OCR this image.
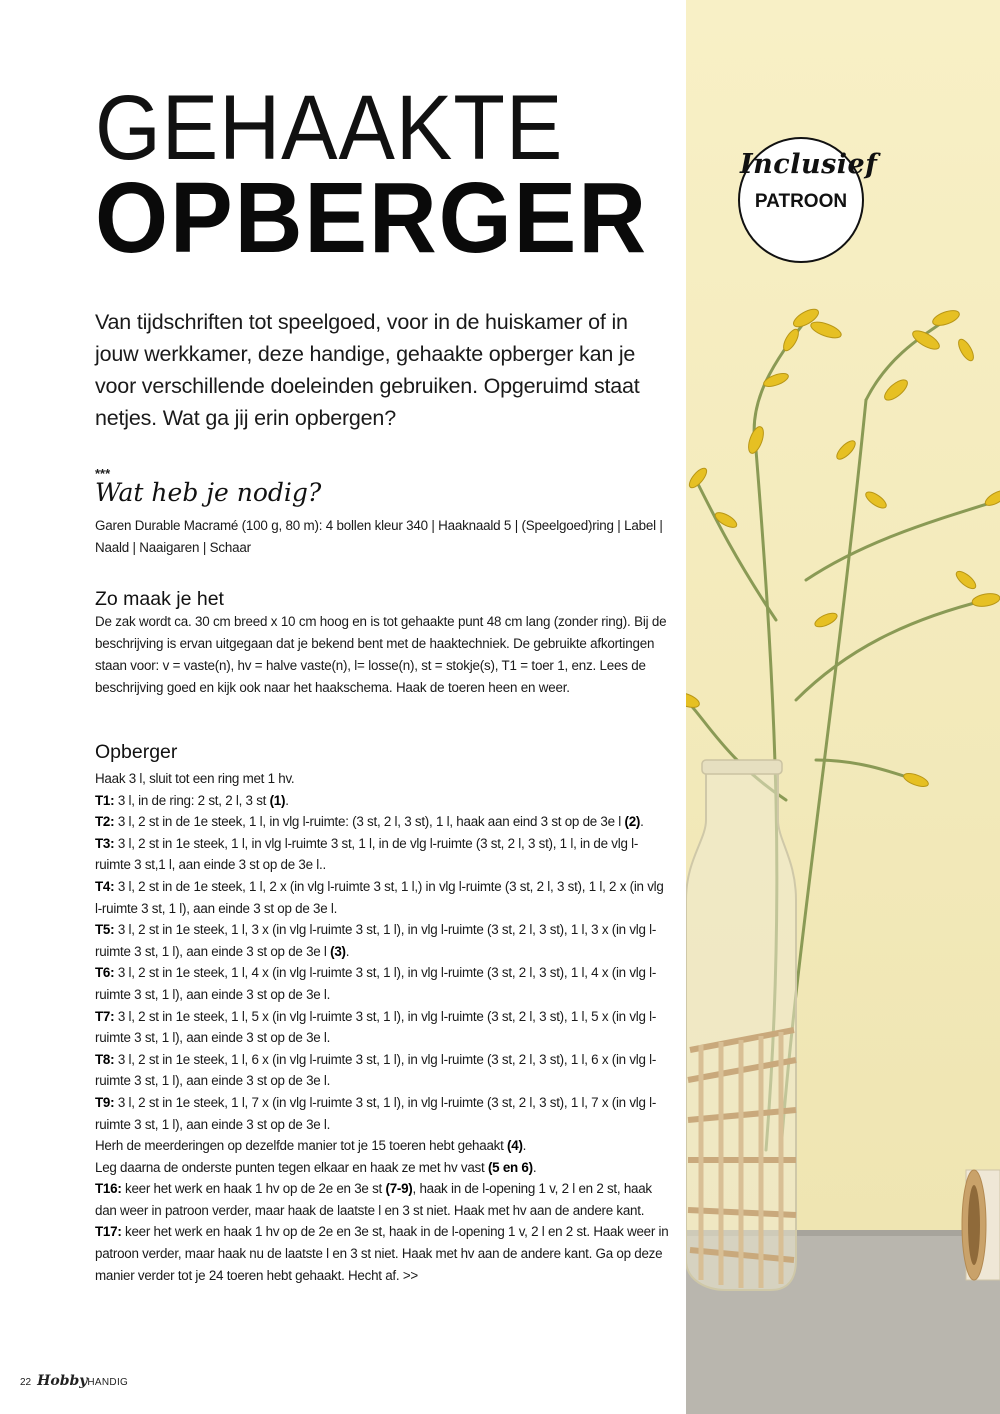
GEHAAKTE
OPBERGER	Inclusief
PATROON
Van tijdschriften tot speelgoed, voor in de huiskamer of in jouw werkkamer, deze handige, gehaakte opberger kan je voor verschillende doeleinden gebruiken. Opgeruimd staat netjes. Wat ga jij erin opbergen?
***
Wat heb je nodig?
Garen Durable Macramé (100 g, 80 m): 4 bollen kleur 340 | Haaknaald 5 | (Speelgoed)ring | Label | Naald | Naaigaren | Schaar
Zo maak je het
De zak wordt ca. 30 cm breed x 10 cm hoog en is tot gehaakte punt 48 cm lang (zonder ring). Bij de beschrijving is ervan uitgegaan dat je bekend bent met de haaktechniek. De gebruikte afkortingen staan voor: v = vaste(n), hv = halve vaste(n), l= losse(n), st = stokje(s), T1 = toer 1, enz. Lees de beschrijving goed en kijk ook naar het haakschema. Haak de toeren heen en weer.
Opberger

Haak 3 l, sluit tot een ring met 1 hv.

T1: 3 l, in de ring: 2 st, 2 l, 3 st (1).

T2: 3 l, 2 st in de 1e steek, 1 l, in vlg l-ruimte: (3 st, 2 l, 3 st), 1 l, haak aan eind 3 st op de 3e l (2).

T3: 3 l, 2 st in 1e steek, 1 l, in vlg l-ruimte 3 st, 1 l, in de vlg l-ruimte (3 st, 2 l, 3 st), 1 l, in de vlg l-ruimte 3 st,1 l, aan einde 3 st op de 3e l..

T4: 3 l, 2 st in de 1e steek, 1 l, 2 x (in vlg l-ruimte 3 st, 1 l,) in vlg l-ruimte (3 st, 2 l, 3 st), 1 l, 2 x (in vlg l-ruimte 3 st, 1 l), aan einde 3 st op de 3e l.

T5: 3 l, 2 st in 1e steek, 1 l, 3 x (in vlg l-ruimte 3 st, 1 l), in vlg l-ruimte (3 st, 2 l, 3 st), 1 l, 3 x (in vlg l-ruimte 3 st, 1 l), aan einde 3 st op de 3e l (3).

T6: 3 l, 2 st in 1e steek, 1 l, 4 x (in vlg l-ruimte 3 st, 1 l), in vlg l-ruimte (3 st, 2 l, 3 st), 1 l, 4 x (in vlg l-ruimte 3 st, 1 l), aan einde 3 st op de 3e l.

T7: 3 l, 2 st in 1e steek, 1 l, 5 x (in vlg l-ruimte 3 st, 1 l), in vlg l-ruimte (3 st, 2 l, 3 st), 1 l, 5 x (in vlg l-ruimte 3 st, 1 l), aan einde 3 st op de 3e l.

T8: 3 l, 2 st in 1e steek, 1 l, 6 x (in vlg l-ruimte 3 st, 1 l), in vlg l-ruimte (3 st, 2 l, 3 st), 1 l, 6 x (in vlg l-ruimte 3 st, 1 l), aan einde 3 st op de 3e l.

T9: 3 l, 2 st in 1e steek, 1 l, 7 x (in vlg l-ruimte 3 st, 1 l), in vlg l-ruimte (3 st, 2 l, 3 st), 1 l, 7 x (in vlg l-ruimte 3 st, 1 l), aan einde 3 st op de 3e l.

Herh de meerderingen op dezelfde manier tot je 15 toeren hebt gehaakt (4).

Leg daarna de onderste punten tegen elkaar en haak ze met hv vast (5 en 6).

T16: keer het werk en haak 1 hv op de 2e en 3e st (7-9), haak in de l-opening 1 v, 2 l en 2 st, haak dan weer in patroon verder, maar haak de laatste l en 3 st niet. Haak met hv aan de andere kant.

T17: keer het werk en haak 1 hv op de 2e en 3e st, haak in de l-opening 1 v, 2 l en 2 st. Haak weer in patroon verder, maar haak nu de laatste l en 3 st niet. Haak met hv aan de andere kant. Ga op deze manier verder tot je 24 toeren hebt gehaakt. Hecht af. >>

22 HobbyHANDIG
